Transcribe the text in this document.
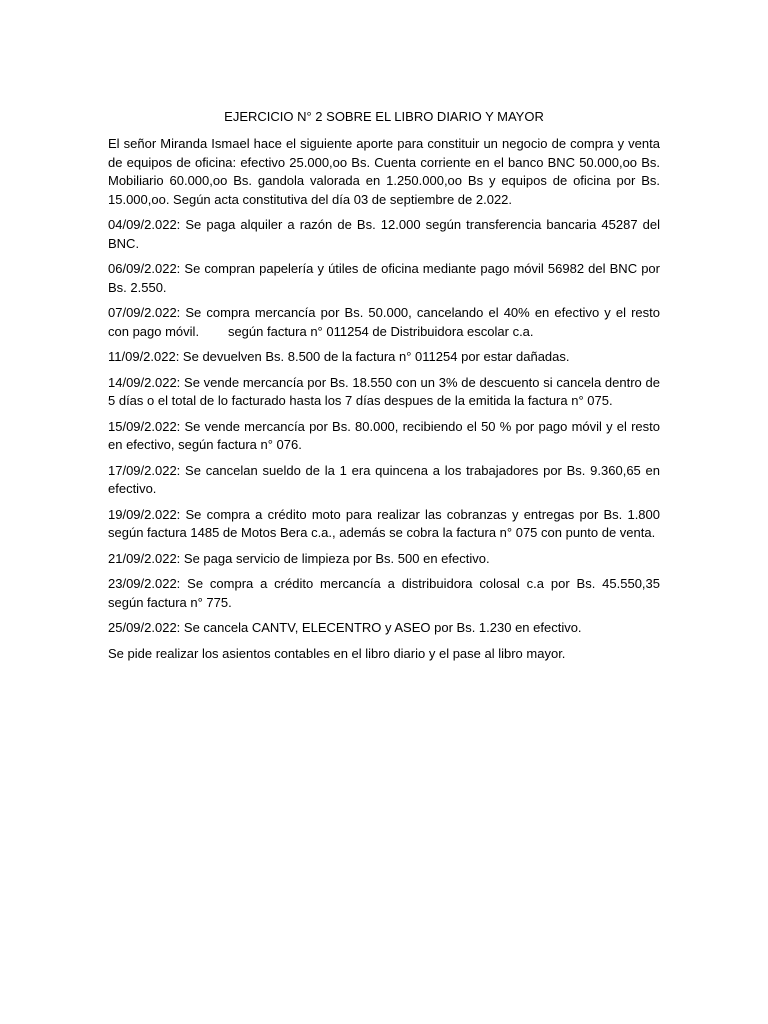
EJERCICIO N° 2 SOBRE EL LIBRO DIARIO Y MAYOR

El señor Miranda Ismael hace el siguiente aporte para constituir un negocio de compra y venta de equipos de oficina: efectivo 25.000,oo Bs. Cuenta corriente en el banco BNC 50.000,oo Bs. Mobiliario 60.000,oo Bs. gandola valorada en 1.250.000,oo Bs y equipos de oficina por Bs. 15.000,oo. Según acta constitutiva del día 03 de septiembre de 2.022.

04/09/2.022: Se paga alquiler a razón de Bs. 12.000 según transferencia bancaria 45287 del BNC.

06/09/2.022: Se compran papelería y útiles de oficina mediante pago móvil 56982 del BNC por Bs. 2.550.

07/09/2.022: Se compra mercancía por Bs. 50.000, cancelando el 40% en efectivo y el resto con pago móvil.        según factura n° 011254 de Distribuidora escolar c.a.

11/09/2.022: Se devuelven Bs. 8.500 de la factura n° 011254 por estar dañadas.

14/09/2.022: Se vende mercancía por Bs. 18.550 con un 3% de descuento si cancela dentro de 5 días o el total de lo facturado hasta los 7 días despues de la emitida la factura n° 075.

15/09/2.022: Se vende mercancía por Bs. 80.000, recibiendo el 50 % por pago móvil y el resto en efectivo, según factura n° 076.

17/09/2.022: Se cancelan sueldo de la 1 era quincena a los trabajadores por Bs. 9.360,65 en efectivo.

19/09/2.022: Se compra a crédito moto para realizar las cobranzas y entregas por Bs. 1.800 según factura 1485 de Motos Bera c.a., además se cobra la factura n° 075 con punto de venta.

21/09/2.022: Se paga servicio de limpieza por Bs. 500 en efectivo.

23/09/2.022: Se compra a crédito mercancía a distribuidora colosal c.a por Bs. 45.550,35 según factura n° 775.

25/09/2.022: Se cancela CANTV, ELECENTRO y ASEO por Bs. 1.230 en efectivo.

Se pide realizar los asientos contables en el libro diario y el pase al libro mayor.
